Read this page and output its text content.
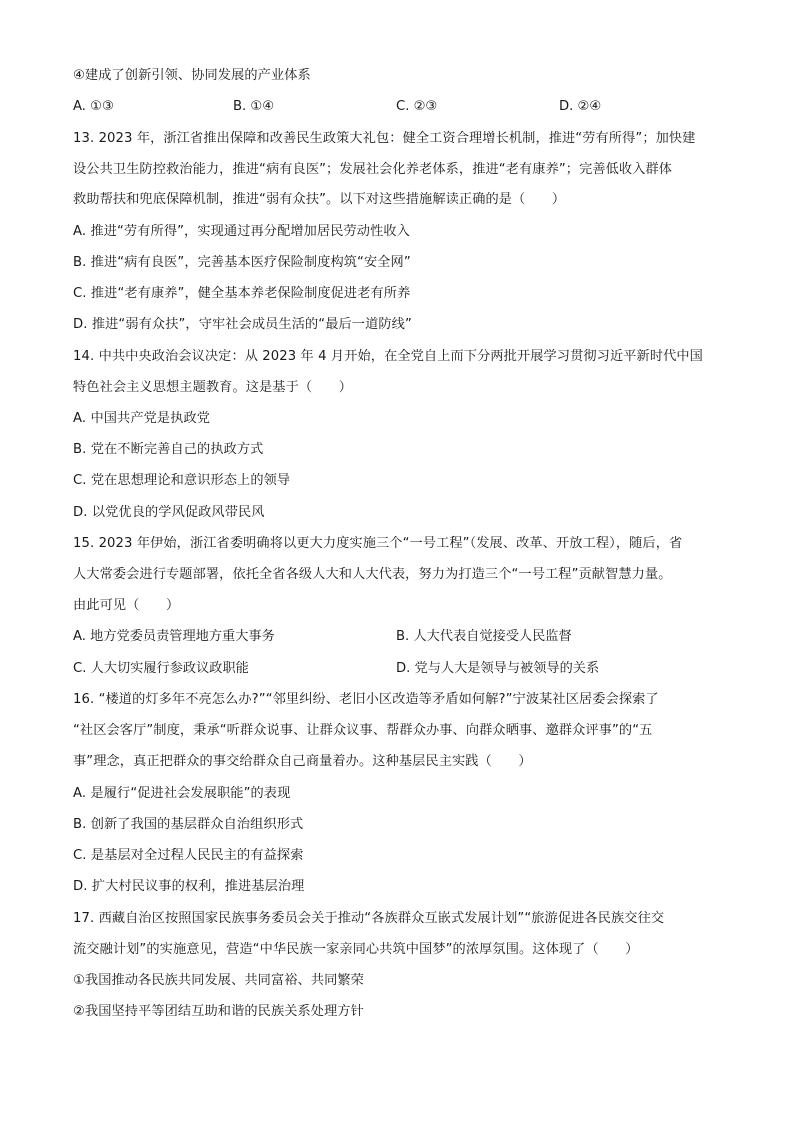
④建成了创新引领、协同发展的产业体系
A. ①③	B. ①④	C. ②③	D. ②④
13. 2023 年，浙江省推出保障和改善民生政策大礼包：健全工资合理增长机制，推进“劳有所得”；加快建
设公共卫生防控救治能力，推进“病有良医”；发展社会化养老体系，推进“老有康养”；完善低收入群体
救助帮扶和兜底保障机制，推进“弱有众扶”。以下对这些措施解读正确的是（　　）
A. 推进“劳有所得”，实现通过再分配增加居民劳动性收入
B. 推进“病有良医”，完善基本医疗保险制度构筑“安全网”
C. 推进“老有康养”，健全基本养老保险制度促进老有所养
D. 推进“弱有众扶”，守牢社会成员生活的“最后一道防线”
14. 中共中央政治会议决定：从 2023 年 4 月开始，在全党自上而下分两批开展学习贯彻习近平新时代中国
特色社会主义思想主题教育。这是基于（　　）
A. 中国共产党是执政党
B. 党在不断完善自己的执政方式
C. 党在思想理论和意识形态上的领导
D. 以党优良的学风促政风带民风
15. 2023 年伊始，浙江省委明确将以更大力度实施三个“一号工程”（发展、改革、开放工程），随后，省
人大常委会进行专题部署，依托全省各级人大和人大代表，努力为打造三个“一号工程”贡献智慧力量。
由此可见（　　）
A. 地方党委员责管理地方重大事务	B. 人大代表自觉接受人民监督
C. 人大切实履行参政议政职能	D. 党与人大是领导与被领导的关系
16. “楼道的灯多年不亮怎么办?”“邻里纠纷、老旧小区改造等矛盾如何解?”宁波某社区居委会探索了
“社区会客厅”制度，秉承“听群众说事、让群众议事、帮群众办事、向群众晒事、邀群众评事”的“五
事”理念，真正把群众的事交给群众自己商量着办。这种基层民主实践（　　）
A. 是履行“促进社会发展职能”的表现
B. 创新了我国的基层群众自治组织形式
C. 是基层对全过程人民民主的有益探索
D. 扩大村民议事的权利，推进基层治理
17. 西藏自治区按照国家民族事务委员会关于推动“各族群众互嵌式发展计划”“旅游促进各民族交往交
流交融计划”的实施意见，营造“中华民族一家亲同心共筑中国梦”的浓厚氛围。这体现了（　　）
①我国推动各民族共同发展、共同富裕、共同繁荣
②我国坚持平等团结互助和谐的民族关系处理方针
